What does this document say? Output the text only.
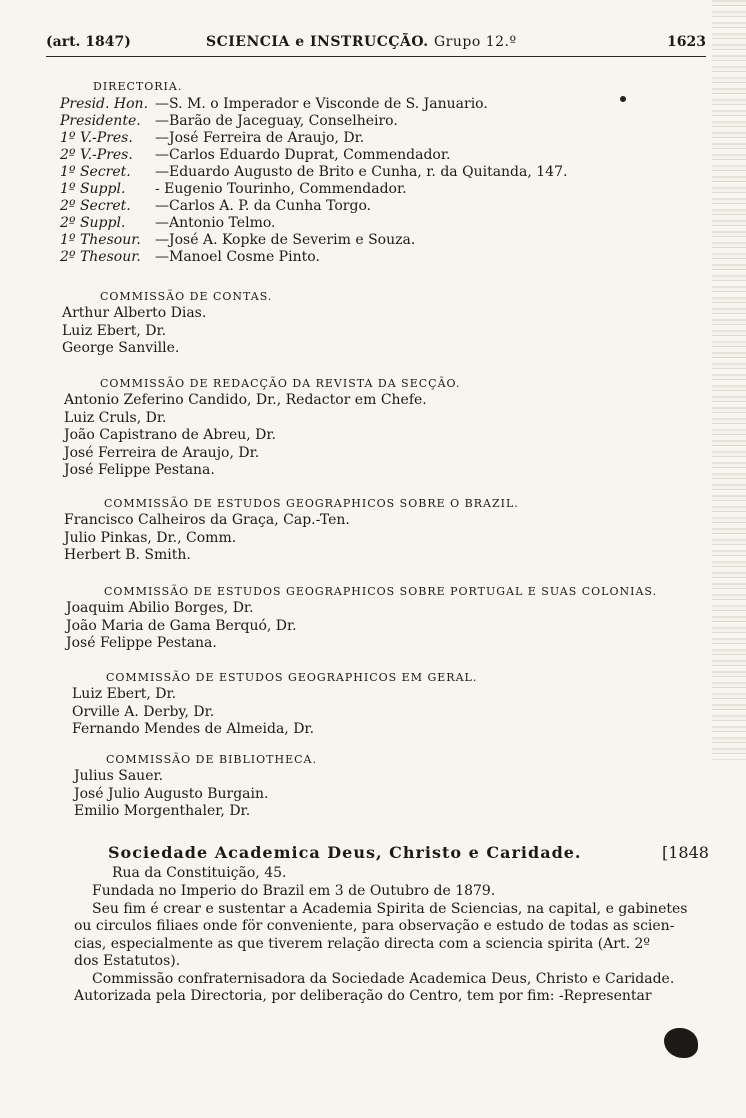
(art. 1847)	SCIENCIA e INSTRUCÇÃO. Grupo 12.º	1623
DIRECTORIA.
Presid. Hon. —S. M. o Imperador e Visconde de S. Januario.
Presidente. —Barão de Jaceguay, Conselheiro.
1º V.-Pres. —José Ferreira de Araujo, Dr.
2º V.-Pres. —Carlos Eduardo Duprat, Commendador.
1º Secret. —Eduardo Augusto de Brito e Cunha, r. da Quitanda, 147.
1º Suppl. - Eugenio Tourinho, Commendador.
2º Secret. —Carlos A. P. da Cunha Torgo.
2º Suppl. —Antonio Telmo.
1º Thesour. —José A. Kopke de Severim e Souza.
2º Thesour. —Manoel Cosme Pinto.
COMMISSÃO DE CONTAS.
Arthur Alberto Dias.
Luiz Ebert, Dr.
George Sanville.
COMMISSÃO DE REDACÇÃO DA REVISTA DA SECÇÃO.
Antonio Zeferino Candido, Dr., Redactor em Chefe.
Luiz Cruls, Dr.
João Capistrano de Abreu, Dr.
José Ferreira de Araujo, Dr.
José Felippe Pestana.
COMMISSÃO DE ESTUDOS GEOGRAPHICOS SOBRE O BRAZIL.
Francisco Calheiros da Graça, Cap.-Ten.
Julio Pinkas, Dr., Comm.
Herbert B. Smith.
COMMISSÃO DE ESTUDOS GEOGRAPHICOS SOBRE PORTUGAL E SUAS COLONIAS.
Joaquim Abilio Borges, Dr.
João Maria de Gama Berquó, Dr.
José Felippe Pestana.
COMMISSÃO DE ESTUDOS GEOGRAPHICOS EM GERAL.
Luiz Ebert, Dr.
Orville A. Derby, Dr.
Fernando Mendes de Almeida, Dr.
COMMISSÃO DE BIBLIOTHECA.
Julius Sauer.
José Julio Augusto Burgain.
Emilio Morgenthaler, Dr.
Sociedade Academica Deus, Christo e Caridade.	[1848
Rua da Constituição, 45.
Fundada no Imperio do Brazil em 3 de Outubro de 1879.
Seu fim é crear e sustentar a Academia Spirita de Sciencias, na capital, e gabinetes
ou circulos filiaes onde för conveniente, para observação e estudo de todas as scien-
cias, especialmente as que tiverem relação directa com a sciencia spirita (Art. 2º
dos Estatutos).
Commissão confraternisadora da Sociedade Academica Deus, Christo e Caridade.
Autorizada pela Directoria, por deliberação do Centro, tem por fim: -Representar
